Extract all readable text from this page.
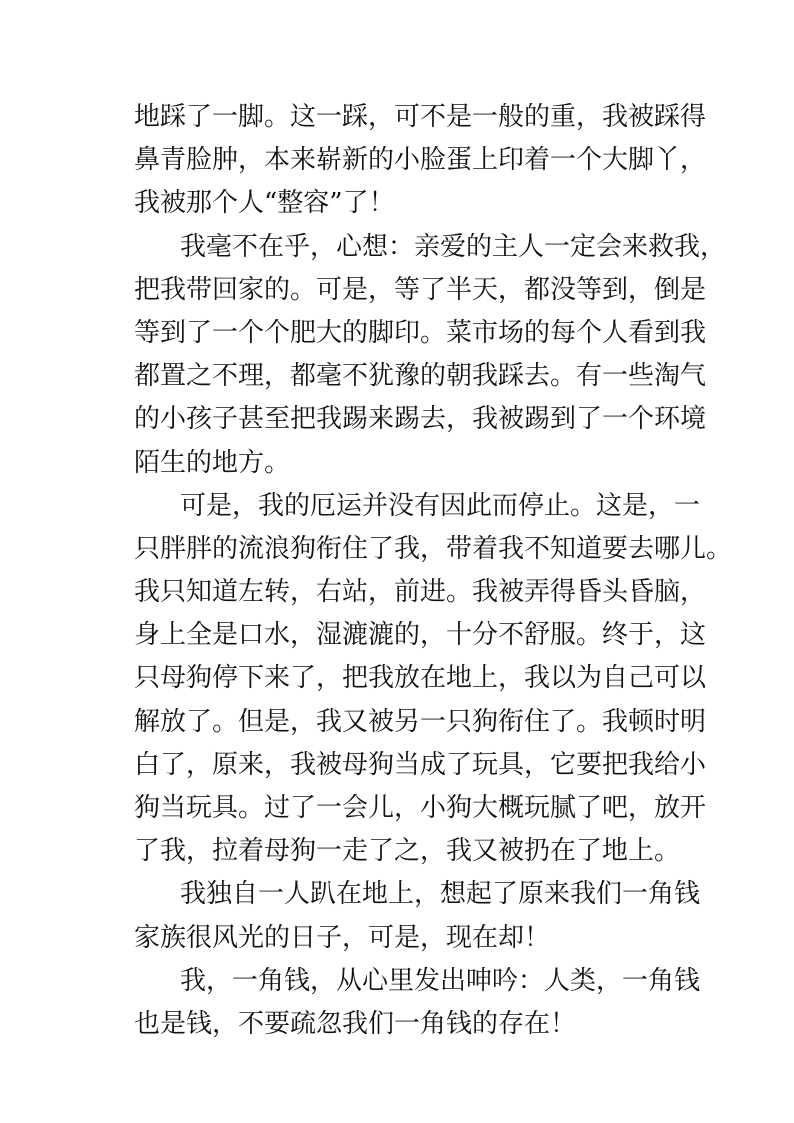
地踩了一脚。这一踩，可不是一般的重，我被踩得
鼻青脸肿，本来崭新的小脸蛋上印着一个大脚丫，
我被那个人“整容”了！
我毫不在乎，心想：亲爱的主人一定会来救我，
把我带回家的。可是，等了半天，都没等到，倒是
等到了一个个肥大的脚印。菜市场的每个人看到我
都置之不理，都毫不犹豫的朝我踩去。有一些淘气
的小孩子甚至把我踢来踢去，我被踢到了一个环境
陌生的地方。
可是，我的厄运并没有因此而停止。这是，一
只胖胖的流浪狗衔住了我，带着我不知道要去哪儿。
我只知道左转，右站，前进。我被弄得昏头昏脑，
身上全是口水，湿漉漉的，十分不舒服。终于，这
只母狗停下来了，把我放在地上，我以为自己可以
解放了。但是，我又被另一只狗衔住了。我顿时明
白了，原来，我被母狗当成了玩具，它要把我给小
狗当玩具。过了一会儿，小狗大概玩腻了吧，放开
了我，拉着母狗一走了之，我又被扔在了地上。
我独自一人趴在地上，想起了原来我们一角钱
家族很风光的日子，可是，现在却！
我，一角钱，从心里发出呻吟：人类，一角钱
也是钱，不要疏忽我们一角钱的存在！
